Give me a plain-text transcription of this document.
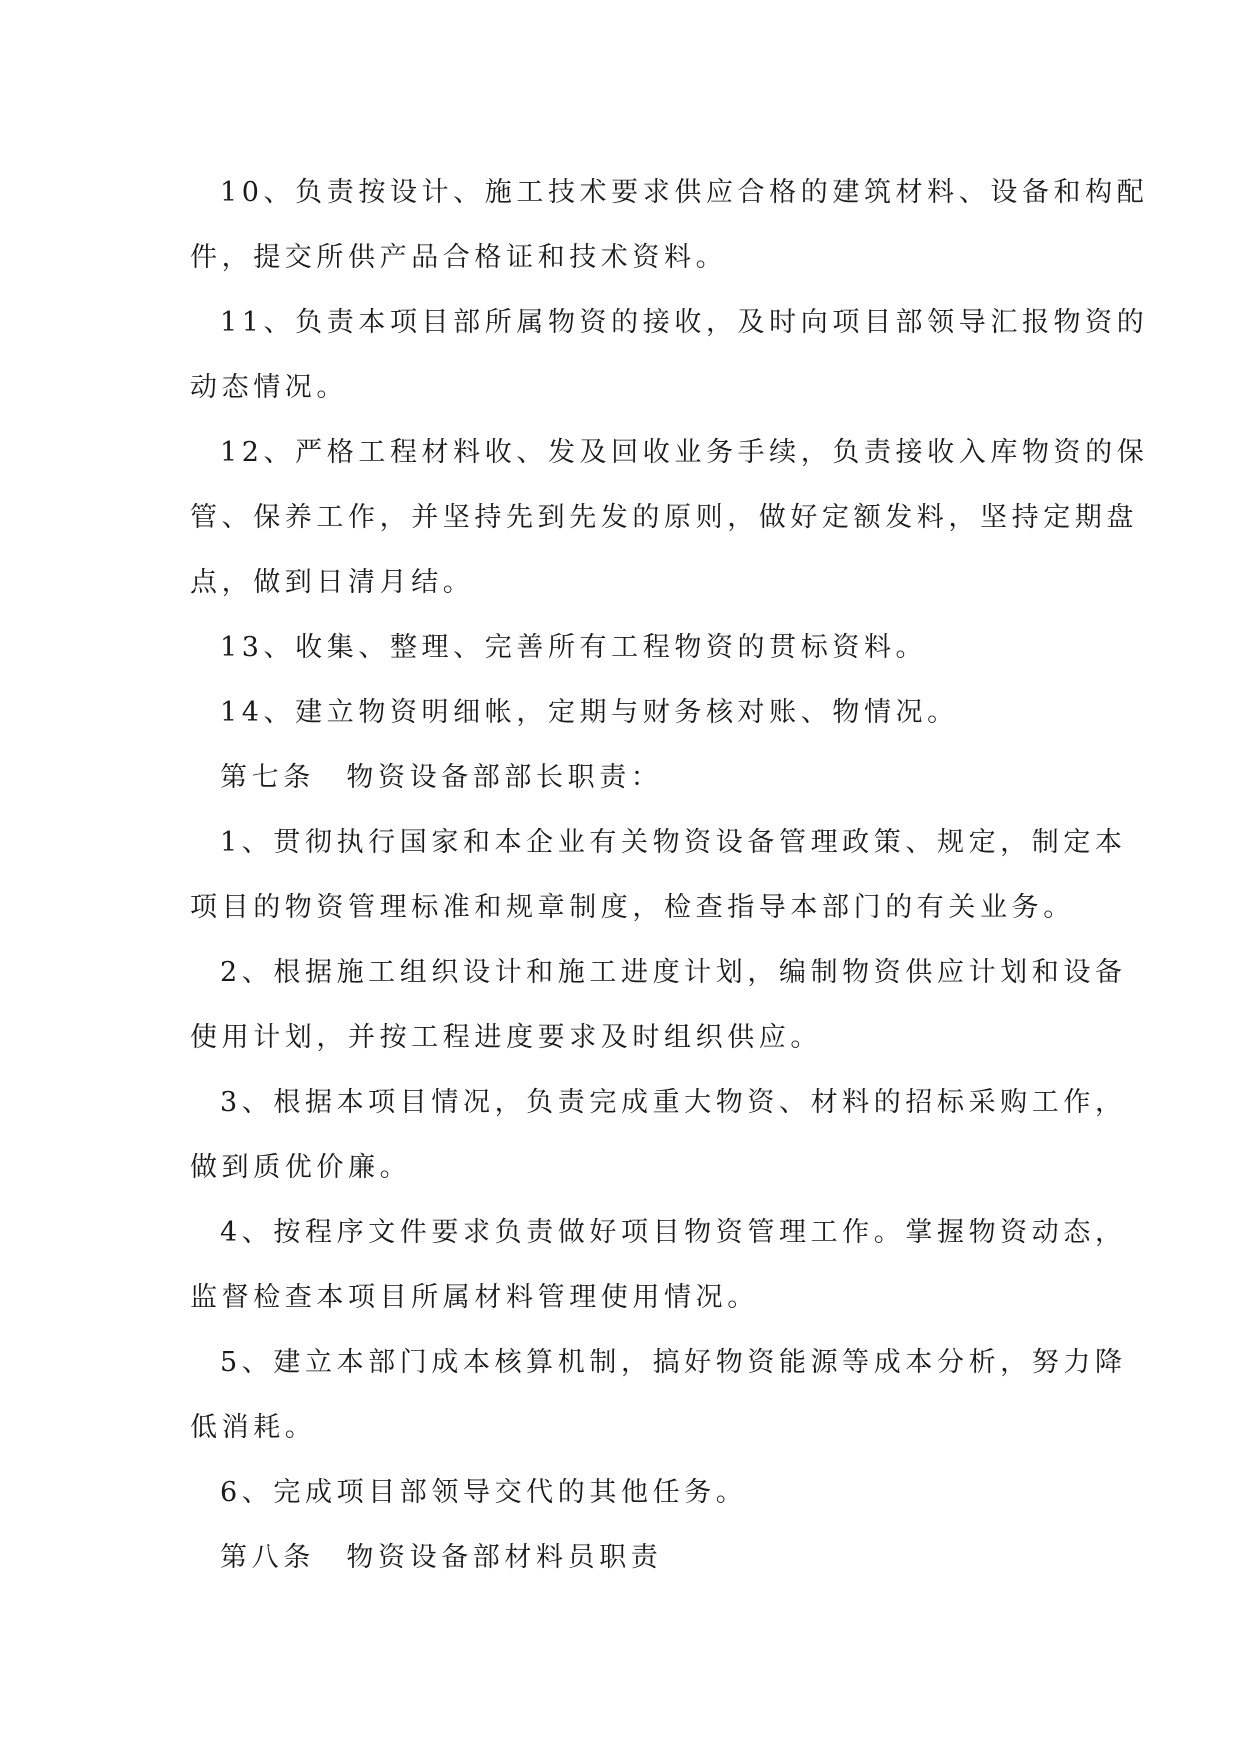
10、负责按设计、施工技术要求供应合格的建筑材料、设备和构配
件，提交所供产品合格证和技术资料。
11、负责本项目部所属物资的接收，及时向项目部领导汇报物资的
动态情况。
12、严格工程材料收、发及回收业务手续，负责接收入库物资的保
管、保养工作，并坚持先到先发的原则，做好定额发料，坚持定期盘
点，做到日清月结。
13、收集、整理、完善所有工程物资的贯标资料。
14、建立物资明细帐，定期与财务核对账、物情况。
第七条　物资设备部部长职责：
1、贯彻执行国家和本企业有关物资设备管理政策、规定，制定本
项目的物资管理标准和规章制度，检查指导本部门的有关业务。
2、根据施工组织设计和施工进度计划，编制物资供应计划和设备
使用计划，并按工程进度要求及时组织供应。
3、根据本项目情况，负责完成重大物资、材料的招标采购工作，
做到质优价廉。
4、按程序文件要求负责做好项目物资管理工作。掌握物资动态，
监督检查本项目所属材料管理使用情况。
5、建立本部门成本核算机制，搞好物资能源等成本分析，努力降
低消耗。
6、完成项目部领导交代的其他任务。
第八条　物资设备部材料员职责
